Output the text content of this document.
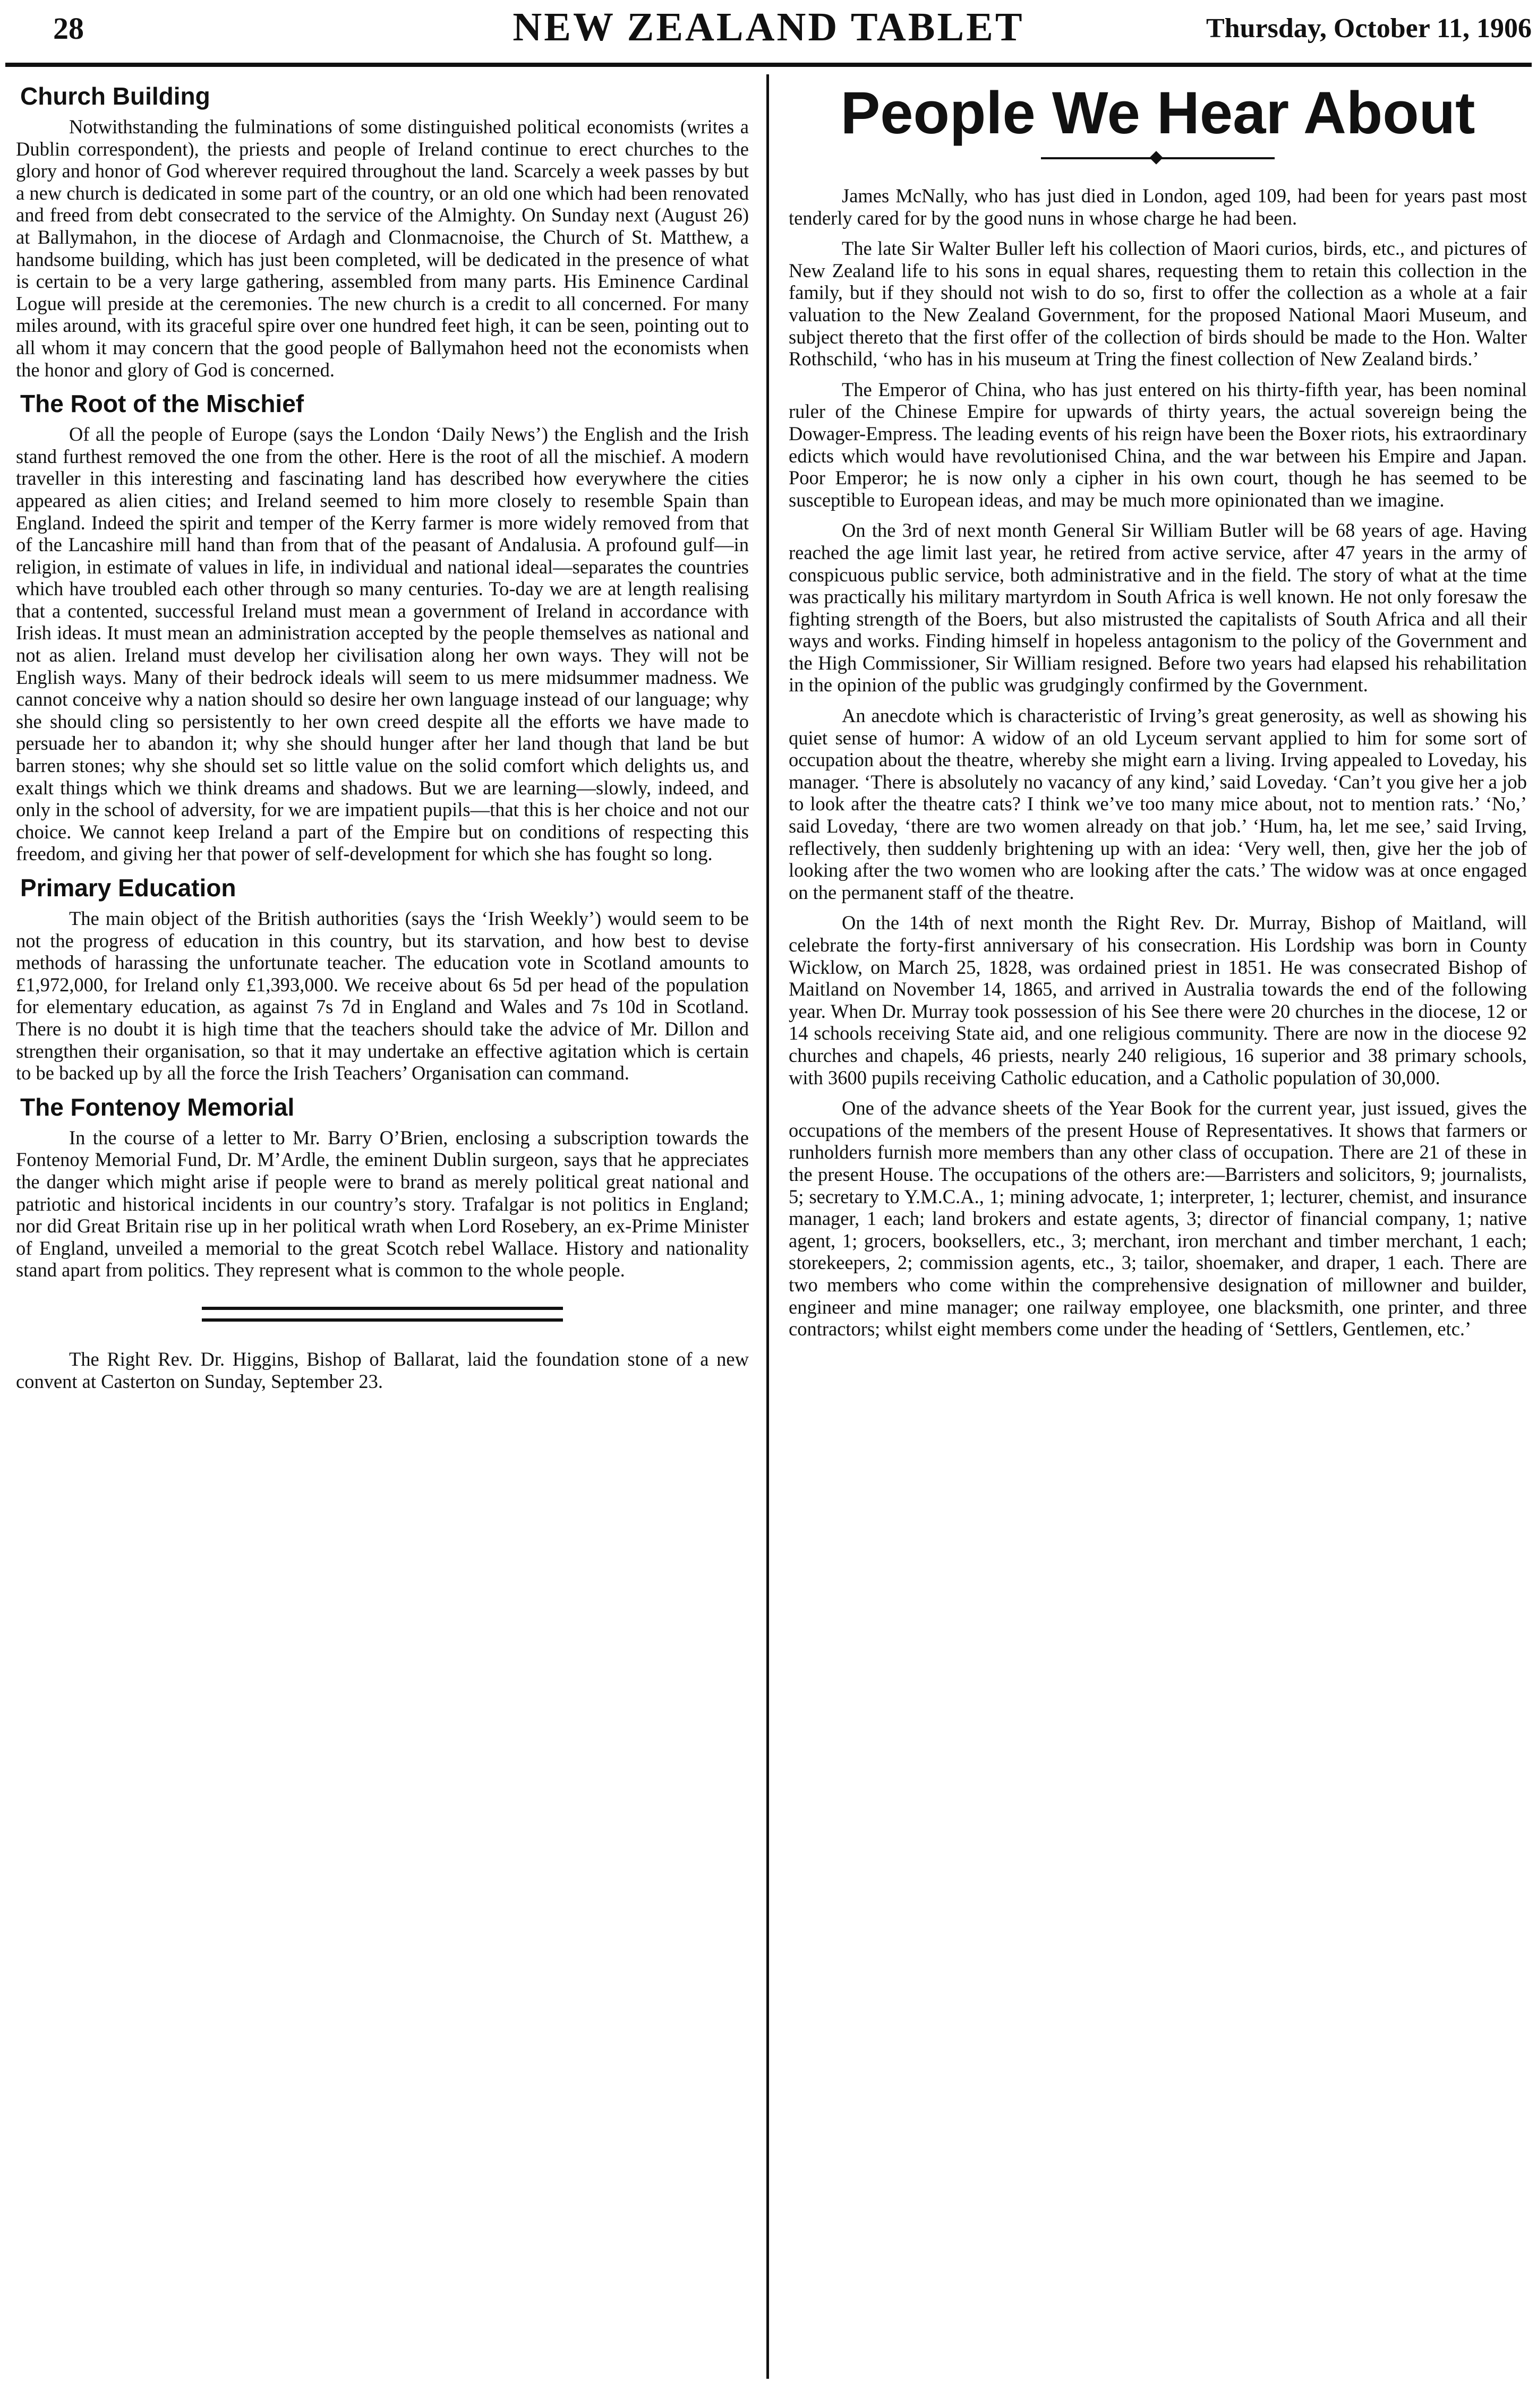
28	NEW ZEALAND TABLET	Thursday, October 11, 1906
Church Building

Notwithstanding the fulminations of some distinguished political economists (writes a Dublin correspondent), the priests and people of Ireland continue to erect churches to the glory and honor of God wherever required throughout the land. Scarcely a week passes by but a new church is dedicated in some part of the country, or an old one which had been renovated and freed from debt consecrated to the service of the Almighty. On Sunday next (August 26) at Ballymahon, in the diocese of Ardagh and Clonmacnoise, the Church of St. Matthew, a handsome building, which has just been completed, will be dedicated in the presence of what is certain to be a very large gathering, assembled from many parts. His Eminence Cardinal Logue will preside at the ceremonies. The new church is a credit to all concerned. For many miles around, with its graceful spire over one hundred feet high, it can be seen, pointing out to all whom it may concern that the good people of Ballymahon heed not the economists when the honor and glory of God is concerned.

The Root of the Mischief

Of all the people of Europe (says the London ‘Daily News’) the English and the Irish stand furthest removed the one from the other. Here is the root of all the mischief. A modern traveller in this interesting and fascinating land has described how everywhere the cities appeared as alien cities; and Ireland seemed to him more closely to resemble Spain than England. Indeed the spirit and temper of the Kerry farmer is more widely removed from that of the Lancashire mill hand than from that of the peasant of Andalusia. A profound gulf—in religion, in estimate of values in life, in individual and national ideal—separates the countries which have troubled each other through so many centuries. To-day we are at length realising that a contented, successful Ireland must mean a government of Ireland in accordance with Irish ideas. It must mean an administration accepted by the people themselves as national and not as alien. Ireland must develop her civilisation along her own ways. They will not be English ways. Many of their bedrock ideals will seem to us mere midsummer madness. We cannot conceive why a nation should so desire her own language instead of our language; why she should cling so persistently to her own creed despite all the efforts we have made to persuade her to abandon it; why she should hunger after her land though that land be but barren stones; why she should set so little value on the solid comfort which delights us, and exalt things which we think dreams and shadows. But we are learning—slowly, indeed, and only in the school of adversity, for we are impatient pupils—that this is her choice and not our choice. We cannot keep Ireland a part of the Empire but on conditions of respecting this freedom, and giving her that power of self-development for which she has fought so long.

Primary Education

The main object of the British authorities (says the ‘Irish Weekly’) would seem to be not the progress of education in this country, but its starvation, and how best to devise methods of harassing the unfortunate teacher. The education vote in Scotland amounts to £1,972,000, for Ireland only £1,393,000. We receive about 6s 5d per head of the population for elementary education, as against 7s 7d in England and Wales and 7s 10d in Scotland. There is no doubt it is high time that the teachers should take the advice of Mr. Dillon and strengthen their organisation, so that it may undertake an effective agitation which is certain to be backed up by all the force the Irish Teachers’ Organisation can command.

The Fontenoy Memorial

In the course of a letter to Mr. Barry O’Brien, enclosing a subscription towards the Fontenoy Memorial Fund, Dr. M’Ardle, the eminent Dublin surgeon, says that he appreciates the danger which might arise if people were to brand as merely political great national and patriotic and historical incidents in our country’s story. Trafalgar is not politics in England; nor did Great Britain rise up in her political wrath when Lord Rosebery, an ex-Prime Minister of England, unveiled a memorial to the great Scotch rebel Wallace. History and nationality stand apart from politics. They represent what is common to the whole people.

The Right Rev. Dr. Higgins, Bishop of Ballarat, laid the foundation stone of a new convent at Casterton on Sunday, September 23.

People We Hear About

James McNally, who has just died in London, aged 109, had been for years past most tenderly cared for by the good nuns in whose charge he had been.

The late Sir Walter Buller left his collection of Maori curios, birds, etc., and pictures of New Zealand life to his sons in equal shares, requesting them to retain this collection in the family, but if they should not wish to do so, first to offer the collection as a whole at a fair valuation to the New Zealand Government, for the proposed National Maori Museum, and subject thereto that the first offer of the collection of birds should be made to the Hon. Walter Rothschild, ‘who has in his museum at Tring the finest collection of New Zealand birds.’

The Emperor of China, who has just entered on his thirty-fifth year, has been nominal ruler of the Chinese Empire for upwards of thirty years, the actual sovereign being the Dowager-Empress. The leading events of his reign have been the Boxer riots, his extraordinary edicts which would have revolutionised China, and the war between his Empire and Japan. Poor Emperor; he is now only a cipher in his own court, though he has seemed to be susceptible to European ideas, and may be much more opinionated than we imagine.

On the 3rd of next month General Sir William Butler will be 68 years of age. Having reached the age limit last year, he retired from active service, after 47 years in the army of conspicuous public service, both administrative and in the field. The story of what at the time was practically his military martyrdom in South Africa is well known. He not only foresaw the fighting strength of the Boers, but also mistrusted the capitalists of South Africa and all their ways and works. Finding himself in hopeless antagonism to the policy of the Government and the High Commissioner, Sir William resigned. Before two years had elapsed his rehabilitation in the opinion of the public was grudgingly confirmed by the Government.

An anecdote which is characteristic of Irving’s great generosity, as well as showing his quiet sense of humor: A widow of an old Lyceum servant applied to him for some sort of occupation about the theatre, whereby she might earn a living. Irving appealed to Loveday, his manager. ‘There is absolutely no vacancy of any kind,’ said Loveday. ‘Can’t you give her a job to look after the theatre cats? I think we’ve too many mice about, not to mention rats.’ ‘No,’ said Loveday, ‘there are two women already on that job.’ ‘Hum, ha, let me see,’ said Irving, reflectively, then suddenly brightening up with an idea: ‘Very well, then, give her the job of looking after the two women who are looking after the cats.’ The widow was at once engaged on the permanent staff of the theatre.

On the 14th of next month the Right Rev. Dr. Murray, Bishop of Maitland, will celebrate the forty-first anniversary of his consecration. His Lordship was born in County Wicklow, on March 25, 1828, was ordained priest in 1851. He was consecrated Bishop of Maitland on November 14, 1865, and arrived in Australia towards the end of the following year. When Dr. Murray took possession of his See there were 20 churches in the diocese, 12 or 14 schools receiving State aid, and one religious community. There are now in the diocese 92 churches and chapels, 46 priests, nearly 240 religious, 16 superior and 38 primary schools, with 3600 pupils receiving Catholic education, and a Catholic population of 30,000.

One of the advance sheets of the Year Book for the current year, just issued, gives the occupations of the members of the present House of Representatives. It shows that farmers or runholders furnish more members than any other class of occupation. There are 21 of these in the present House. The occupations of the others are:—Barristers and solicitors, 9; journalists, 5; secretary to Y.M.C.A., 1; mining advocate, 1; interpreter, 1; lecturer, chemist, and insurance manager, 1 each; land brokers and estate agents, 3; director of financial company, 1; native agent, 1; grocers, booksellers, etc., 3; merchant, iron merchant and timber merchant, 1 each; storekeepers, 2; commission agents, etc., 3; tailor, shoemaker, and draper, 1 each. There are two members who come within the comprehensive designation of millowner and builder, engineer and mine manager; one railway employee, one blacksmith, one printer, and three contractors; whilst eight members come under the heading of ‘Settlers, Gentlemen, etc.’
